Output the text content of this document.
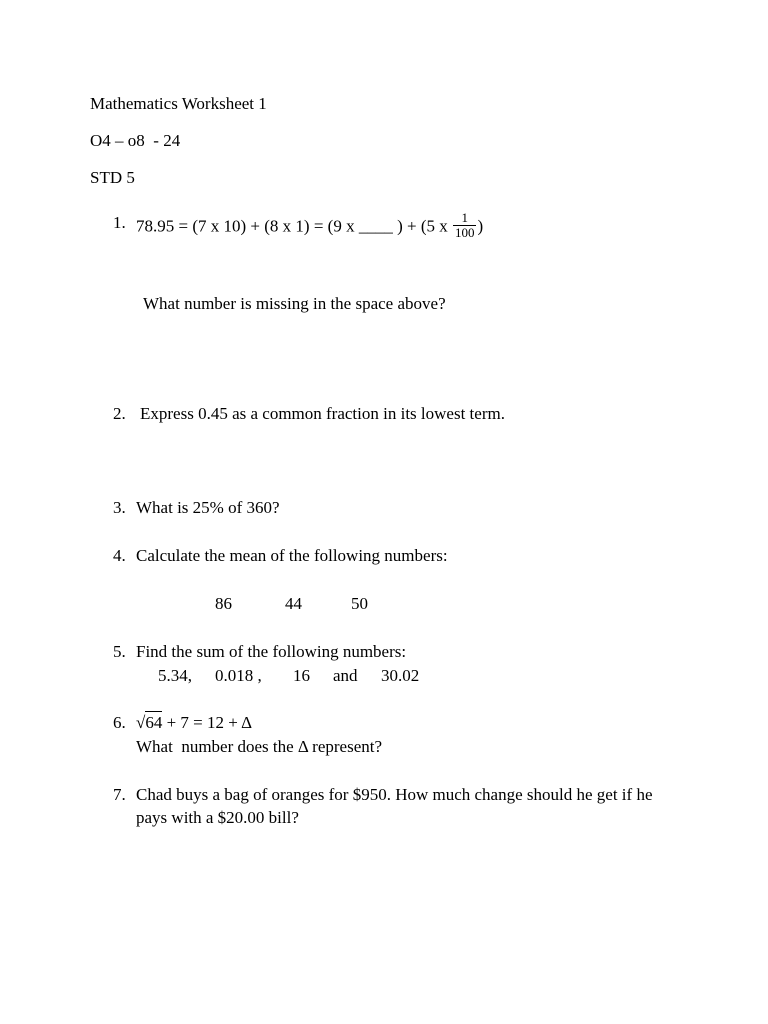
Mathematics Worksheet 1
O4 – o8  - 24
STD 5
1. 78.95 = (7 x 10) + (8 x 1) = (9 x ____ ) + (5 x $\frac{1}{100}$ )
What number is missing in the space above?
2. Express 0.45 as a common fraction in its lowest term.
3. What is 25% of 360?
4. Calculate the mean of the following numbers:
86	44	50
5. Find the sum of the following numbers:
5.34, 0.018 , 16 and 30.02
6. √64 + 7 = 12 + Δ
What  number does the Δ represent?
7. Chad buys a bag of oranges for $950. How much change should he get if he
pays with a $20.00 bill?
